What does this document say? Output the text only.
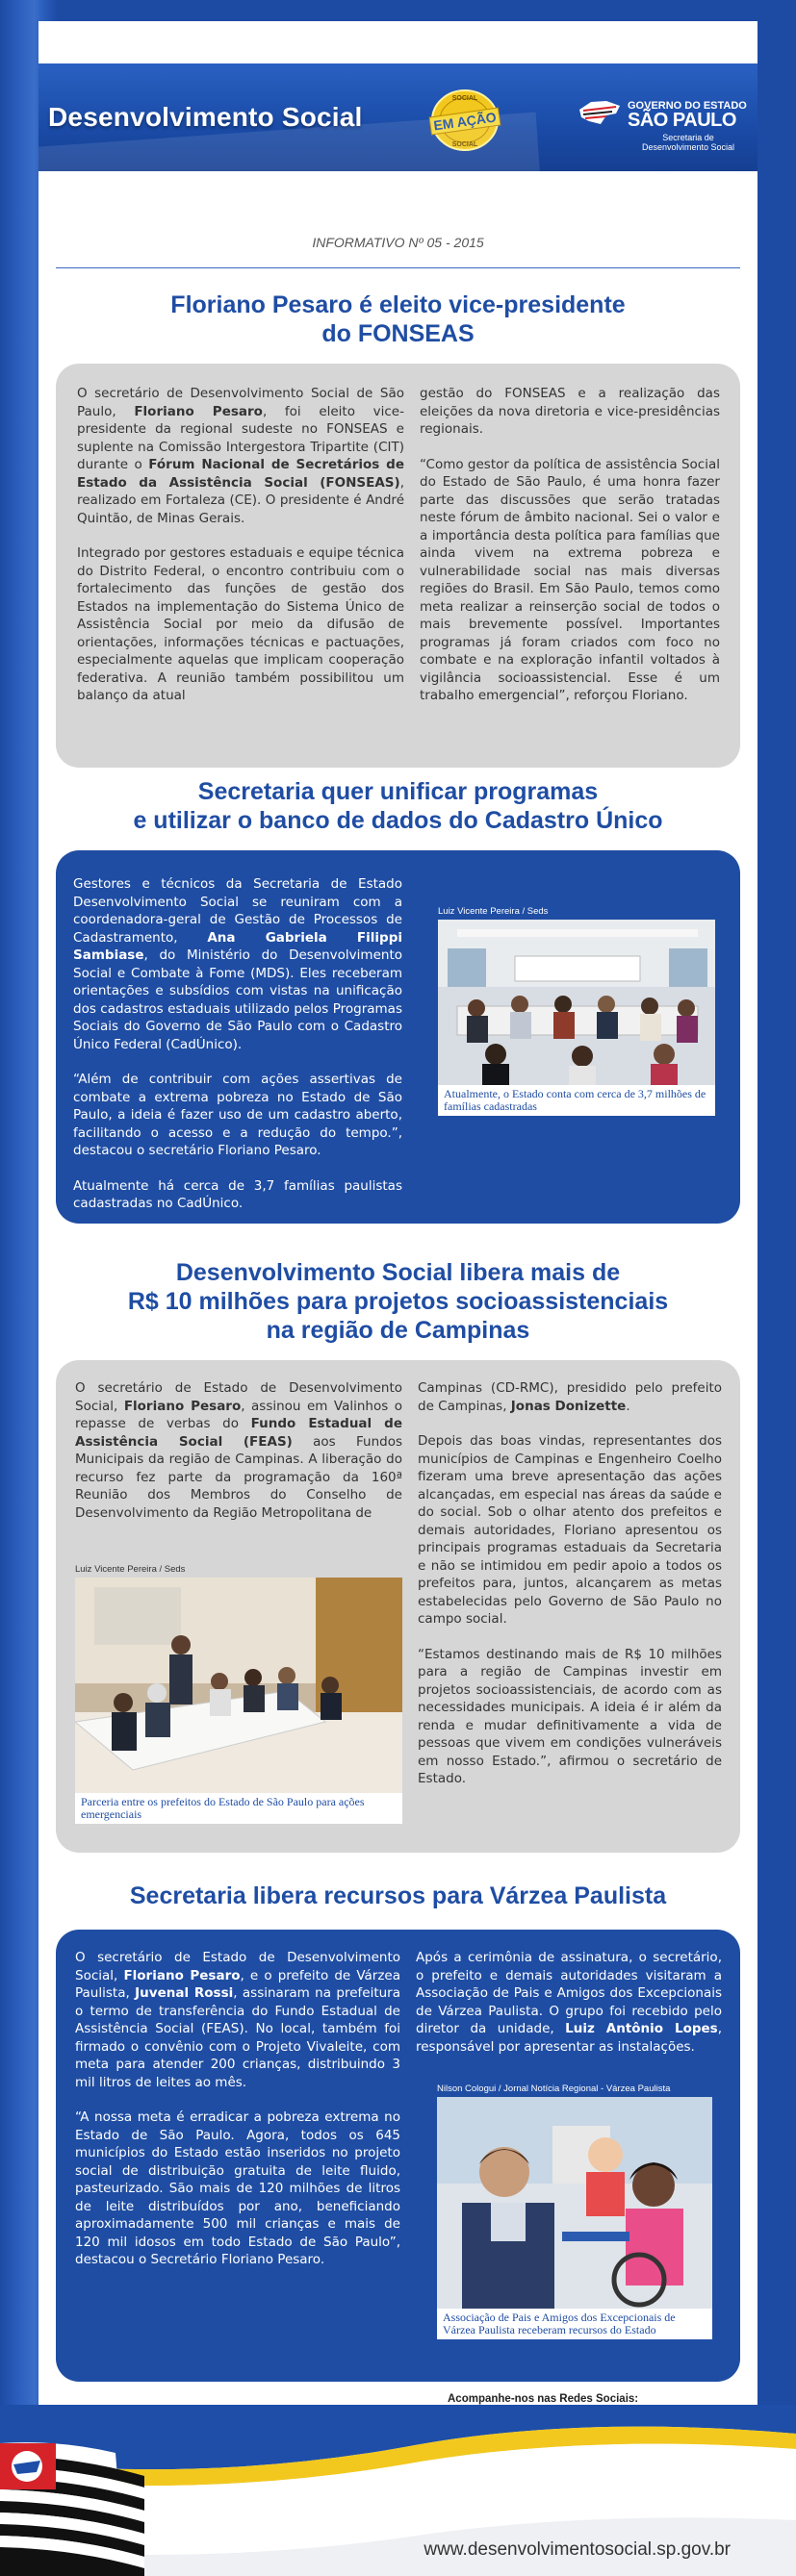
Desenvolvimento Social
SOCIAL
EM AÇÃO
SOCIAL
GOVERNO DO ESTADO
SÃO PAULO
Secretaria de Desenvolvimento Social
INFORMATIVO Nº 05 - 2015
Floriano Pesaro é eleito vice-presidente
do FONSEAS

O secretário de Desenvolvimento Social de São Paulo, Floriano Pesaro, foi eleito vice-presidente da regional sudeste no FONSEAS e suplente na Comissão Intergestora Tripartite (CIT) durante o Fórum Nacional de Secretários de Estado da Assistência Social (FONSEAS), realizado em Fortaleza (CE). O presidente é André Quintão, de Minas Gerais.

Integrado por gestores estaduais e equipe técnica do Distrito Federal, o encontro contribuiu com o fortalecimento das funções de gestão dos Estados na implementação do Sistema Único de Assistência Social por meio da difusão de orientações, informações técnicas e pactuações, especialmente aquelas que implicam cooperação federativa. A reunião também possibilitou um balanço da atual

gestão do FONSEAS e a realização das eleições da nova diretoria e vice-presidências regionais.

“Como gestor da política de assistência Social do Estado de São Paulo, é uma honra fazer parte das discussões que serão tratadas neste fórum de âmbito nacional. Sei o valor e a importância desta política para famílias que ainda vivem na extrema pobreza e vulnerabilidade social nas mais diversas regiões do Brasil. Em São Paulo, temos como meta realizar a reinserção social de todos o mais brevemente possível. Importantes programas já foram criados com foco no combate e na exploração infantil voltados à vigilância socioassistencial. Esse é um trabalho emergencial”, reforçou Floriano.

Secretaria quer unificar programas
e utilizar o banco de dados do Cadastro Único

Gestores e técnicos da Secretaria de Estado Desenvolvimento Social se reuniram com a coordenadora-geral de Gestão de Processos de Cadastramento, Ana Gabriela Filippi Sambiase, do Ministério do Desenvolvimento Social e Combate à Fome (MDS). Eles receberam orientações e subsídios com vistas na unificação dos cadastros estaduais utilizado pelos Programas Sociais do Governo de São Paulo com o Cadastro Único Federal (CadÚnico).

“Além de contribuir com ações assertivas de combate a extrema pobreza no Estado de São Paulo, a ideia é fazer uso de um cadastro aberto, facilitando o acesso e a redução do tempo.”, destacou o secretário Floriano Pesaro.

Atualmente há cerca de 3,7 famílias paulistas cadastradas no CadÚnico.

Luiz Vicente Pereira / Seds
Atualmente, o Estado conta com cerca de 3,7 milhões de famílias cadastradas
Desenvolvimento Social libera mais de
R$ 10 milhões para projetos socioassistenciais
na região de Campinas

O secretário de Estado de Desenvolvimento Social, Floriano Pesaro, assinou em Valinhos o repasse de verbas do Fundo Estadual de Assistência Social (FEAS) aos Fundos Municipais da região de Campinas. A liberação do recurso fez parte da programação da 160ª Reunião dos Membros do Conselho de Desenvolvimento da Região Metropolitana de

Luiz Vicente Pereira / Seds
Parceria entre os prefeitos do Estado de São Paulo para ações emergenciais

Campinas (CD-RMC), presidido pelo prefeito de Campinas, Jonas Donizette.

Depois das boas vindas, representantes dos municípios de Campinas e Engenheiro Coelho fizeram uma breve apresentação das ações alcançadas, em especial nas áreas da saúde e do social. Sob o olhar atento dos prefeitos e demais autoridades, Floriano apresentou os principais programas estaduais da Secretaria e não se intimidou em pedir apoio a todos os prefeitos para, juntos, alcançarem as metas estabelecidas pelo Governo de São Paulo no campo social.

“Estamos destinando mais de R$ 10 milhões para a região de Campinas investir em projetos socioassistenciais, de acordo com as necessidades municipais. A ideia é ir além da renda e mudar definitivamente a vida de pessoas que vivem em condições vulneráveis em nosso Estado.”, afirmou o secretário de Estado.

Secretaria libera recursos para Várzea Paulista

O secretário de Estado de Desenvolvimento Social, Floriano Pesaro, e o prefeito de Várzea Paulista, Juvenal Rossi, assinaram na prefeitura o termo de transferência do Fundo Estadual de Assistência Social (FEAS). No local, também foi firmado o convênio com o Projeto Vivaleite, com meta para atender 200 crianças, distribuindo 3 mil litros de leites ao mês.

“A nossa meta é erradicar a pobreza extrema no Estado de São Paulo. Agora, todos os 645 municípios do Estado estão inseridos no projeto social de distribuição gratuita de leite fluido, pasteurizado. São mais de 120 milhões de litros de leite distribuídos por ano, beneficiando aproximadamente 500 mil crianças e mais de 120 mil idosos em todo Estado de São Paulo”, destacou o Secretário Floriano Pesaro.

Após a cerimônia de assinatura, o secretário, o prefeito e demais autoridades visitaram a Associação de Pais e Amigos dos Excepcionais de Várzea Paulista. O grupo foi recebido pelo diretor da unidade, Luiz Antônio Lopes, responsável por apresentar as instalações.

Nilson Cologui / Jornal Notícia Regional - Várzea Paulista
Associação de Pais e Amigos dos Excepcionais de Várzea Paulista receberam recursos do Estado
Acompanhe-nos nas Redes Sociais:
www.desenvolvimentosocial.sp.gov.br
